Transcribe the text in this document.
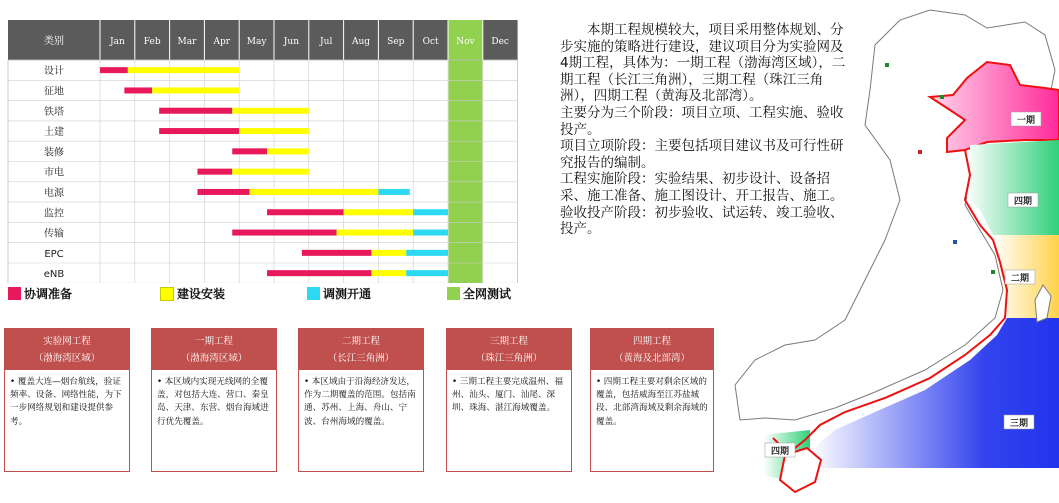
类别	Jan Feb Mar Apr May Jun Jul Aug Sep Oct Nov Dec
设计
征地
铁塔
土建
装修
市电
电源
监控
传输
EPC
eNB
协调准备	建设安装	调测开通	全网测试

本期工程规模较大，项目采用整体规划、分步实施的策略进行建设，建议项目分为实验网及4期工程，具体为：一期工程（渤海湾区域），二期工程（长江三角洲），三期工程（珠江三角洲），四期工程（黄海及北部湾）。

主要分为三个阶段：项目立项、工程实施、验收投产。

项目立项阶段：主要包括项目建议书及可行性研究报告的编制。

工程实施阶段：实验结果、初步设计、设备招采、施工准备、施工图设计、开工报告、施工。

验收投产阶段：初步验收、试运转、竣工验收、投产。

实验网工程
（渤海湾区域）
• 覆盖大连—烟台航线，验证频率、设备、网络性能，为下一步网络规划和建设提供参考。
一期工程
（渤海湾区域）
• 本区域内实现无线网的全覆盖，对包括大连、营口、秦皇岛、天津、东营、烟台海域进行优先覆盖。
二期工程
（长江三角洲）
• 本区域由于沿海经济发达，作为二期覆盖的范围。包括南通、苏州、上海、舟山、宁波、台州海域的覆盖。
三期工程
（珠江三角洲）
• 三期工程主要完成温州、福州、汕头、厦门、汕尾、深圳、珠海、湛江海域覆盖。
四期工程
（黄海及北部湾）
• 四期工程主要对剩余区域的覆盖，包括威海至江苏盐城段、北部湾海域及剩余海域的覆盖。
一期
四期
二期
三期
四期
